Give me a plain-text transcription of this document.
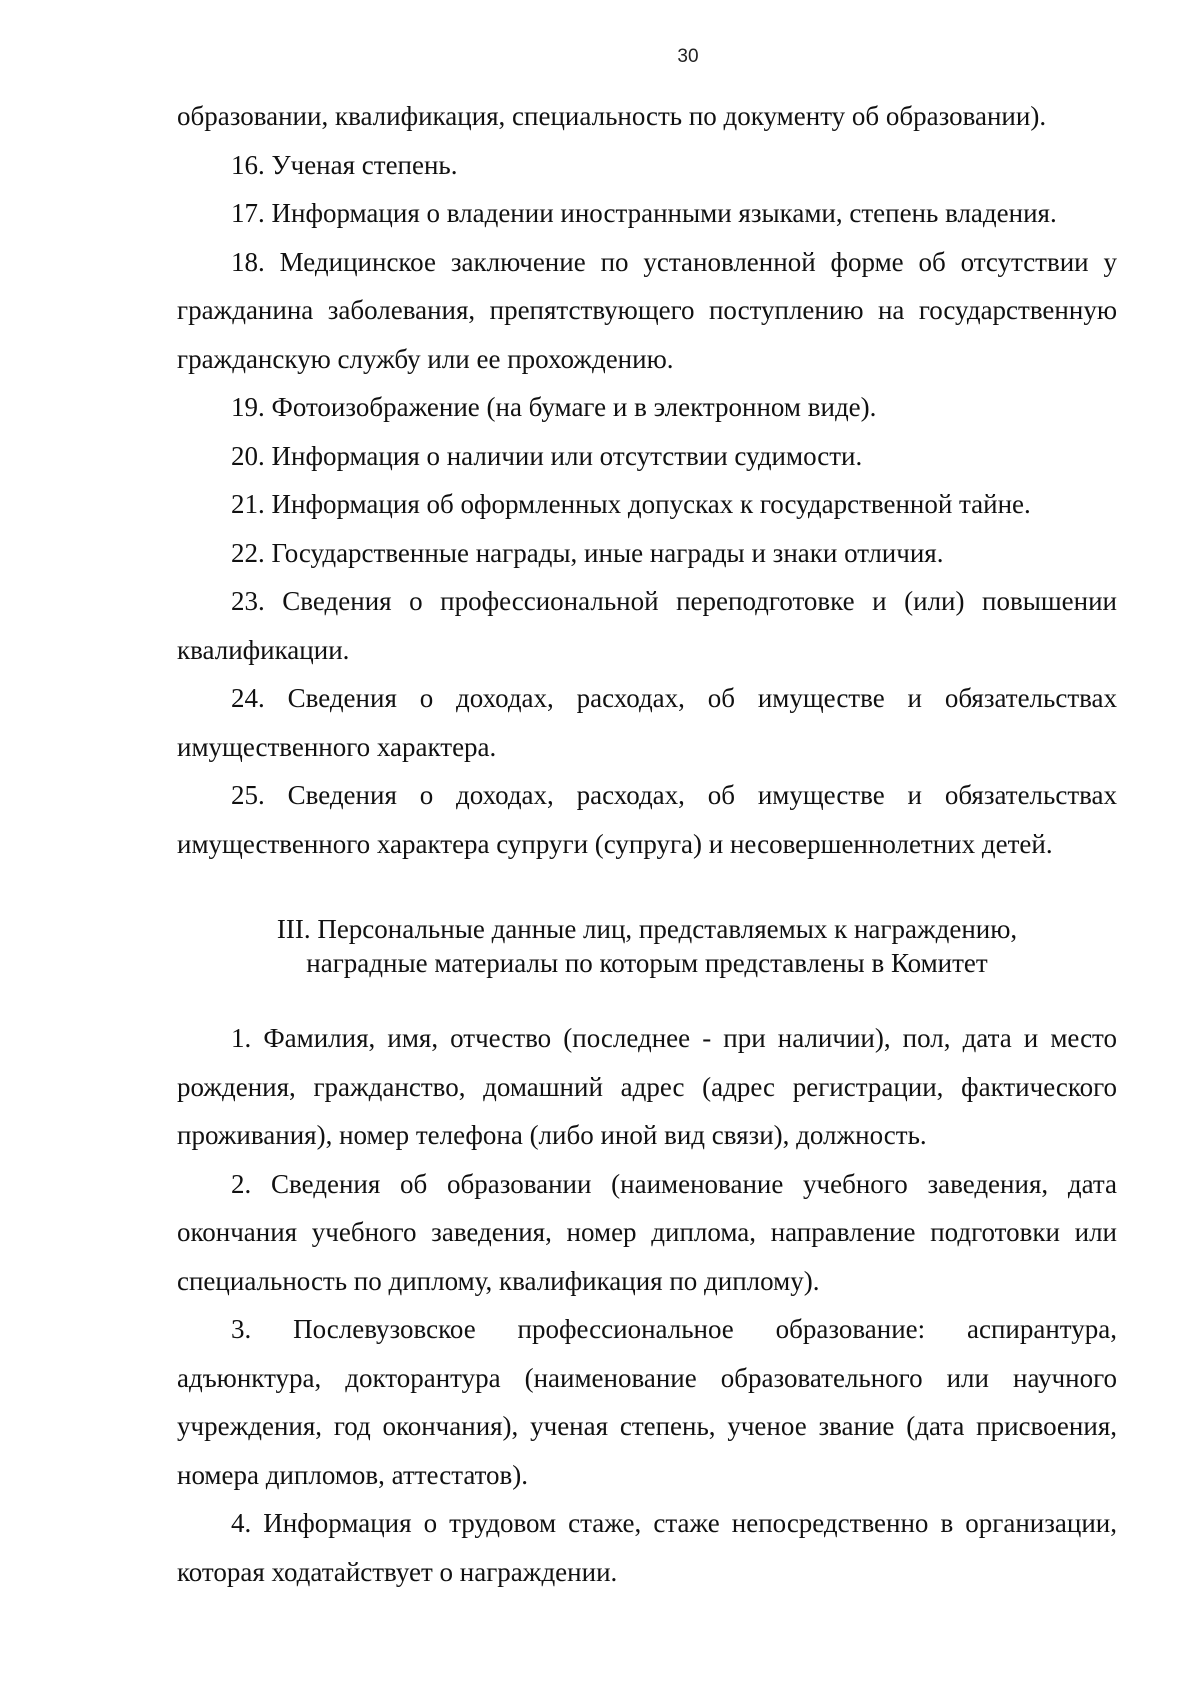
30

образовании, квалификация, специальность по документу об образовании).

16. Ученая степень.

17. Информация о владении иностранными языками, степень владения.

18. Медицинское заключение по установленной форме об отсутствии у гражданина заболевания, препятствующего поступлению на государственную гражданскую службу или ее прохождению.

19. Фотоизображение (на бумаге и в электронном виде).

20. Информация о наличии или отсутствии судимости.

21. Информация об оформленных допусках к государственной тайне.

22. Государственные награды, иные награды и знаки отличия.

23. Сведения о профессиональной переподготовке и (или) повышении квалификации.

24. Сведения о доходах, расходах, об имуществе и обязательствах имущественного характера.

25. Сведения о доходах, расходах, об имуществе и обязательствах имущественного характера супруги (супруга) и несовершеннолетних детей.

III. Персональные данные лиц, представляемых к награждению,
наградные материалы по которым представлены в Комитет

1. Фамилия, имя, отчество (последнее - при наличии), пол, дата и место рождения, гражданство, домашний адрес (адрес регистрации, фактического проживания), номер телефона (либо иной вид связи), должность.

2. Сведения об образовании (наименование учебного заведения, дата окончания учебного заведения, номер диплома, направление подготовки или специальность по диплому, квалификация по диплому).

3. Послевузовское профессиональное образование: аспирантура, адъюнктура, докторантура (наименование образовательного или научного учреждения, год окончания), ученая степень, ученое звание (дата присвоения, номера дипломов, аттестатов).

4. Информация о трудовом стаже, стаже непосредственно в организации, которая ходатайствует о награждении.
